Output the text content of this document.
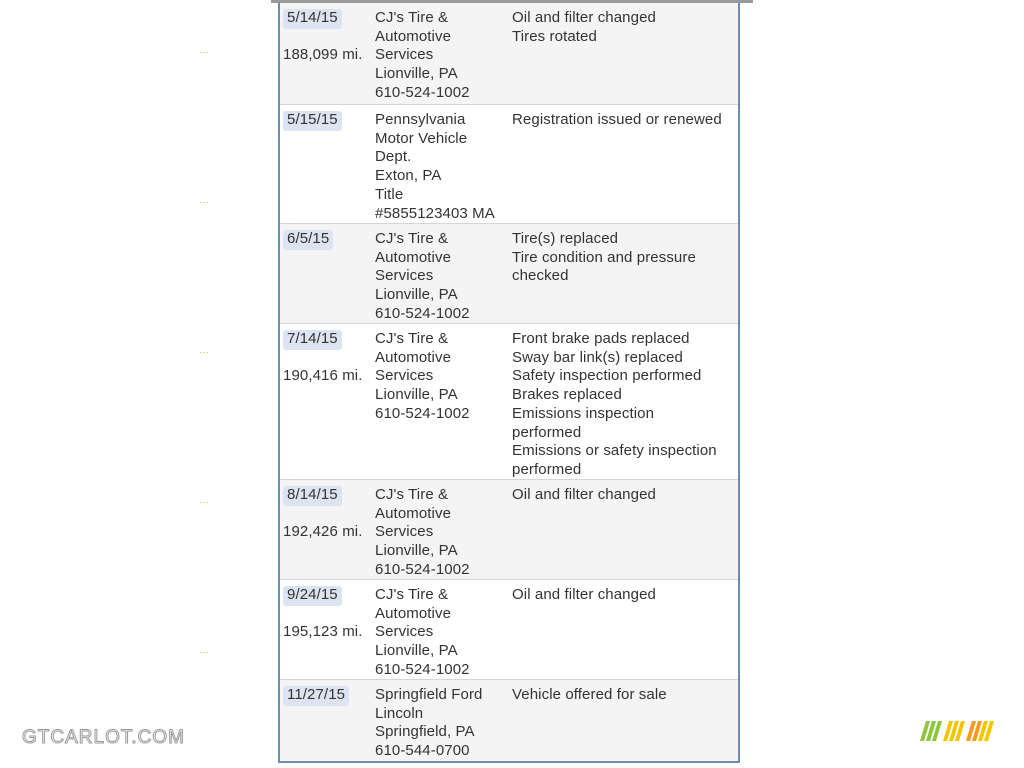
5/14/15
188,099 mi.
CJ's Tire &
Automotive
Services
Lionville, PA
610-524-1002
Oil and filter changed
Tires rotated
5/15/15 Pennsylvania
Motor Vehicle
Dept.
Exton, PA
Title
#5855123403 MA
Registration issued or renewed
6/5/15	CJ's Tire &
Automotive
Services
Lionville, PA
610-524-1002
Tire(s) replaced
Tire condition and pressure
checked
7/14/15
190,416 mi.
CJ's Tire &
Automotive
Services
Lionville, PA
610-524-1002
Front brake pads replaced
Sway bar link(s) replaced
Safety inspection performed
Brakes replaced
Emissions inspection
performed
Emissions or safety inspection
performed
8/14/15
192,426 mi.
CJ's Tire &
Automotive
Services
Lionville, PA
610-524-1002
Oil and filter changed
9/24/15
195,123 mi.
CJ's Tire &
Automotive
Services
Lionville, PA
610-524-1002
Oil and filter changed
11/27/15 Springfield Ford
Lincoln
Springfield, PA
610-544-0700
Vehicle offered for sale
...
...
...
...
...
GTCARLOT.COM
